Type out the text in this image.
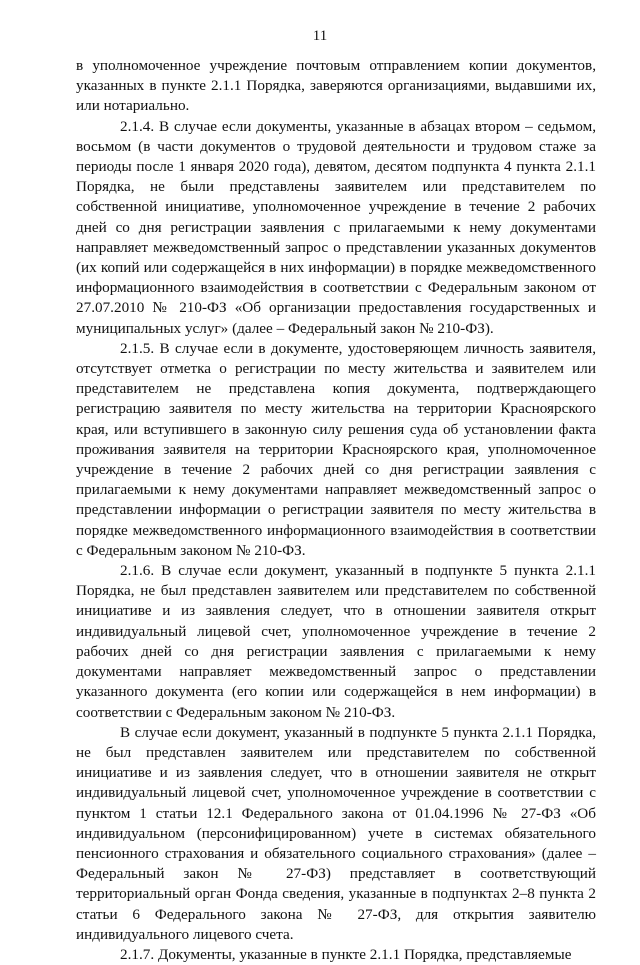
11

в уполномоченное учреждение почтовым отправлением копии документов, указанных в пункте 2.1.1 Порядка, заверяются организациями, выдавшими их, или нотариально.

2.1.4. В случае если документы, указанные в абзацах втором – седьмом, восьмом (в части документов о трудовой деятельности и трудовом стаже за периоды после 1 января 2020 года), девятом, десятом подпункта 4 пункта 2.1.1 Порядка, не были представлены заявителем или представителем по собственной инициативе, уполномоченное учреждение в течение 2 рабочих дней со дня регистрации заявления с прилагаемыми к нему документами направляет межведомственный запрос о представлении указанных документов (их копий или содержащейся в них информации) в порядке межведомственного информационного взаимодействия в соответствии с Федеральным законом от 27.07.2010 № 210-ФЗ «Об организации предоставления государственных и муниципальных услуг» (далее – Федеральный закон № 210-ФЗ).

2.1.5. В случае если в документе, удостоверяющем личность заявителя, отсутствует отметка о регистрации по месту жительства и заявителем или представителем не представлена копия документа, подтверждающего регистрацию заявителя по месту жительства на территории Красноярского края, или вступившего в законную силу решения суда об установлении факта проживания заявителя на территории Красноярского края, уполномоченное учреждение в течение 2 рабочих дней со дня регистрации заявления с прилагаемыми к нему документами направляет межведомственный запрос о представлении информации о регистрации заявителя по месту жительства в порядке межведомственного информационного взаимодействия в соответствии с Федеральным законом № 210-ФЗ.

2.1.6. В случае если документ, указанный в подпункте 5 пункта 2.1.1 Порядка, не был представлен заявителем или представителем по собственной инициативе и из заявления следует, что в отношении заявителя открыт индивидуальный лицевой счет, уполномоченное учреждение в течение 2 рабочих дней со дня регистрации заявления с прилагаемыми к нему документами направляет межведомственный запрос о представлении указанного документа (его копии или содержащейся в нем информации) в соответствии с Федеральным законом № 210-ФЗ.

В случае если документ, указанный в подпункте 5 пункта 2.1.1 Порядка, не был представлен заявителем или представителем по собственной инициативе и из заявления следует, что в отношении заявителя не открыт индивидуальный лицевой счет, уполномоченное учреждение в соответствии с пунктом 1 статьи 12.1 Федерального закона от 01.04.1996 № 27-ФЗ «Об индивидуальном (персонифицированном) учете в системах обязательного пенсионного страхования и обязательного социального страхования» (далее – Федеральный закон № 27-ФЗ) представляет в соответствующий территориальный орган Фонда сведения, указанные в подпунктах 2–8 пункта 2 статьи 6 Федерального закона № 27-ФЗ, для открытия заявителю индивидуального лицевого счета.

2.1.7. Документы, указанные в пункте 2.1.1 Порядка, представляемые
